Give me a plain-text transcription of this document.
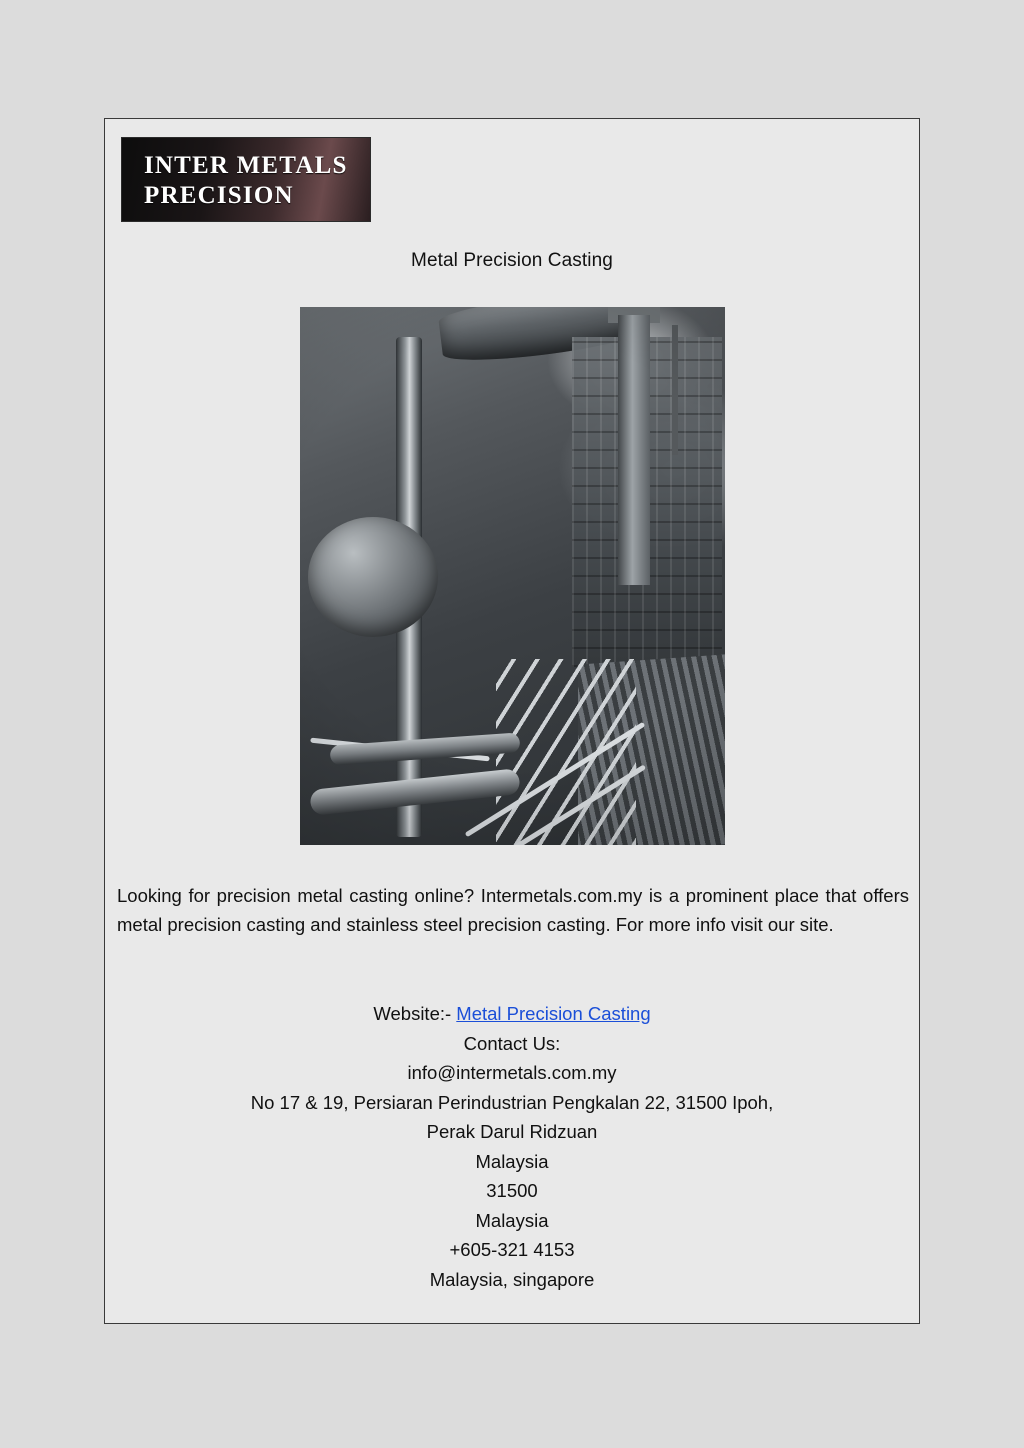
INTER METALS
PRECISION
Metal Precision Casting
Looking for precision metal casting online? Intermetals.com.my is a prominent place that offers metal precision casting and stainless steel precision casting. For more info visit our site.
Website:- Metal Precision Casting
Contact Us:
info@intermetals.com.my
No 17 & 19, Persiaran Perindustrian Pengkalan 22, 31500 Ipoh,
Perak Darul Ridzuan
Malaysia
31500
Malaysia
+605-321 4153
Malaysia, singapore
